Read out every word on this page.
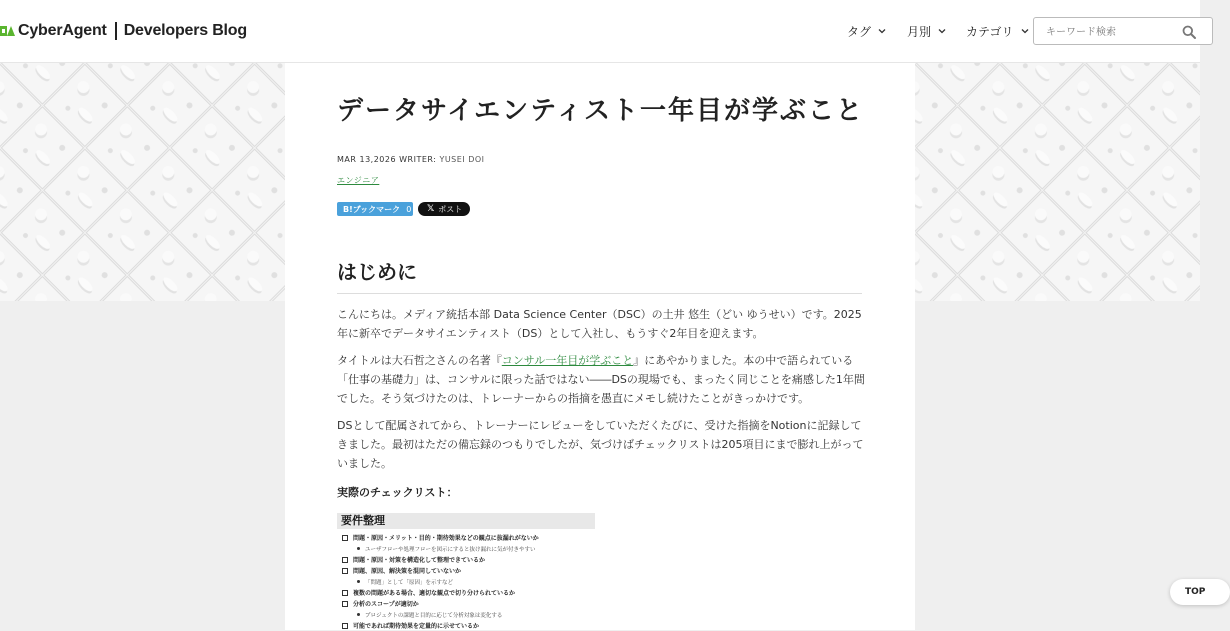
CyberAgent Developers Blog	タグ	月別	カテゴリ
キーワード検索
データサイエンティスト一年目が学ぶこと
MAR 13,2026 WRITER: YUSEI DOI
エンジニア
B!ブックマーク 0 𝕏 ポスト
はじめに

こんにちは。メディア統括本部 Data Science Center（DSC）の土井 悠生（どい ゆうせい）です。2025年に新卒でデータサイエンティスト（DS）として入社し、もうすぐ2年目を迎えます。

タイトルは大石哲之さんの名著『コンサル一年目が学ぶこと』にあやかりました。本の中で語られている「仕事の基礎力」は、コンサルに限った話ではない――DSの現場でも、まったく同じことを痛感した1年間でした。そう気づけたのは、トレーナーからの指摘を愚直にメモし続けたことがきっかけです。

DSとして配属されてから、トレーナーにレビューをしていただくたびに、受けた指摘をNotionに記録してきました。最初はただの備忘録のつもりでしたが、気づけばチェックリストは205項目にまで膨れ上がっていました。

実際のチェックリスト：
要件整理
問題・原因・メリット・目的・期待効果などの観点に抜漏れがないか
ユーザフローや処理フローを図示にすると抜け漏れに気が付きやすい
問題・原因・対策を構造化して整理できているか
問題、原因、解決策を混同していないか
「問題」として「原因」を示すなど
複数の問題がある場合、適切な観点で切り分けられているか
分析のスコープが適切か
プロジェクトの課題と目的に応じて分析対象は変化する
可能であれば期待効果を定量的に示せているか
TOP
